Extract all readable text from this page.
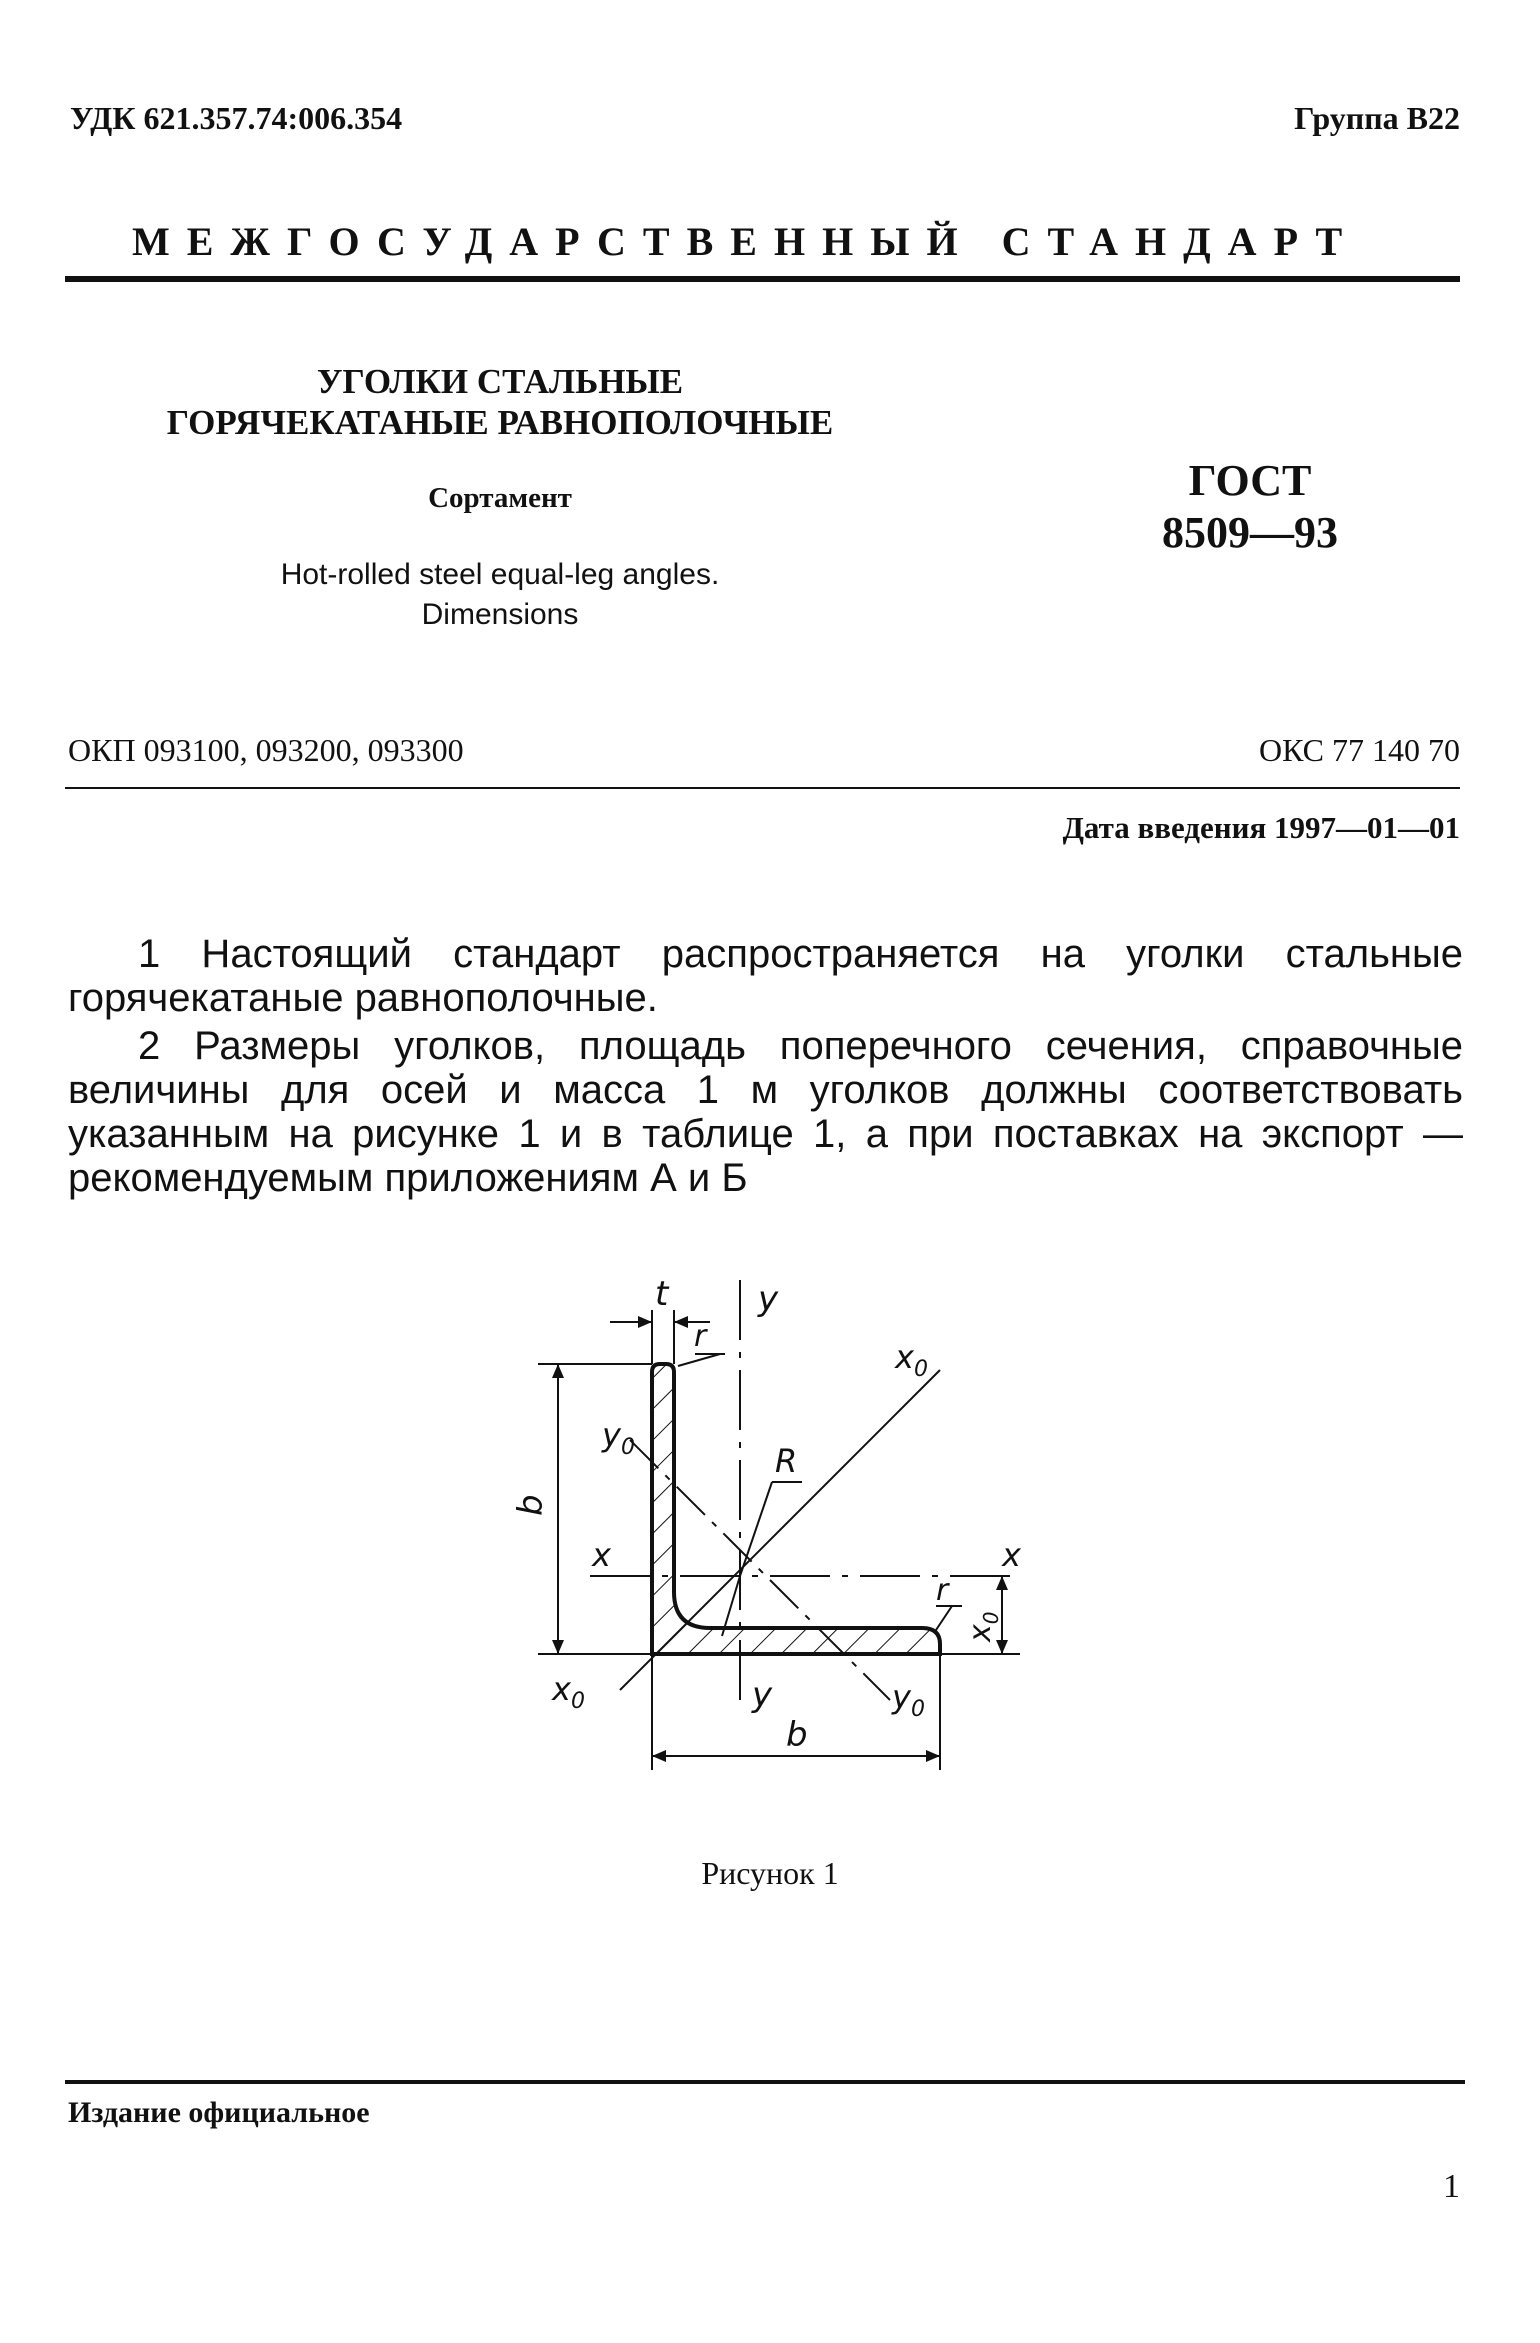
УДК 621.357.74:006.354	Группа В22
МЕЖГОСУДАРСТВЕННЫЙ СТАНДАРТ
УГОЛКИ СТАЛЬНЫЕ
ГОРЯЧЕКАТАНЫЕ РАВНОПОЛОЧНЫЕ
Сортамент
Hot-rolled steel equal-leg angles.
Dimensions
ГОСТ
8509—93
ОКП 093100, 093200, 093300	ОКС 77 140 70
Дата введения 1997—01—01
1 Настоящий стандарт распространяется на уголки стальные горячекатаные равнополочные.
2 Размеры уголков, площадь поперечного сечения, справочные величины для осей и масса 1 м уголков должны соответствовать указанным на рисунке 1 и в таблице 1, а при поставках на экспорт — рекомендуемым приложениям А и Б
t
r
y
y
$x_0$
$x_0$
$y_0$
$y_0$
R
x	x
r
$x_0$
b
b
Рисунок 1
Издание официальное
1
